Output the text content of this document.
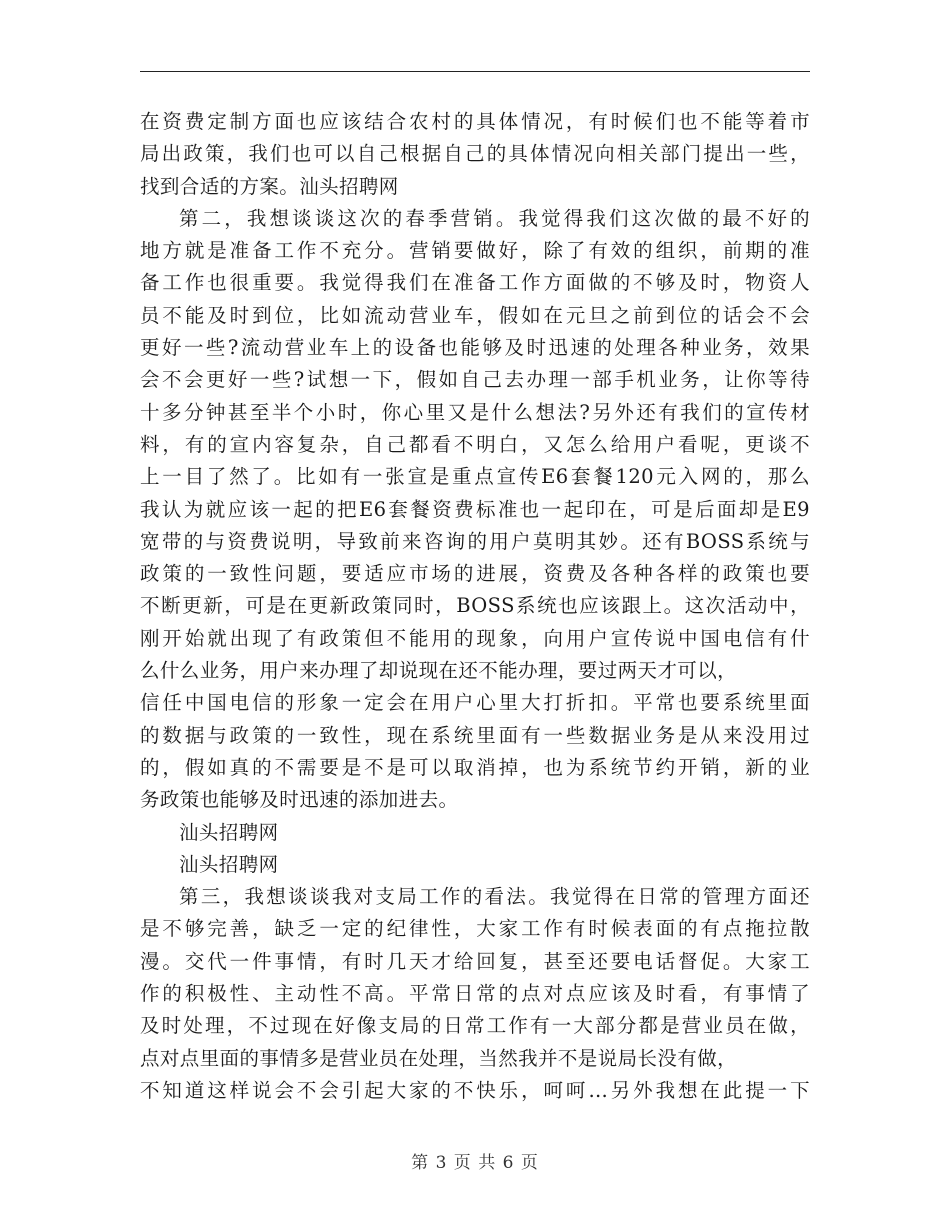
在资费定制方面也应该结合农村的具体情况，有时候们也不能等着市
局出政策，我们也可以自己根据自己的具体情况向相关部门提出一些，
找到合适的方案。汕头招聘网
第二，我想谈谈这次的春季营销。我觉得我们这次做的最不好的
地方就是准备工作不充分。营销要做好，除了有效的组织，前期的准
备工作也很重要。我觉得我们在准备工作方面做的不够及时，物资人
员不能及时到位，比如流动营业车，假如在元旦之前到位的话会不会
更好一些?流动营业车上的设备也能够及时迅速的处理各种业务，效果
会不会更好一些?试想一下，假如自己去办理一部手机业务，让你等待
十多分钟甚至半个小时，你心里又是什么想法?另外还有我们的宣传材
料，有的宣内容复杂，自己都看不明白，又怎么给用户看呢，更谈不
上一目了然了。比如有一张宣是重点宣传E6套餐120元入网的，那么
我认为就应该一起的把E6套餐资费标准也一起印在，可是后面却是E9
宽带的与资费说明，导致前来咨询的用户莫明其妙。还有BOSS系统与
政策的一致性问题，要适应市场的进展，资费及各种各样的政策也要
不断更新，可是在更新政策同时，BOSS系统也应该跟上。这次活动中，
刚开始就出现了有政策但不能用的现象，向用户宣传说中国电信有什
么什么业务，用户来办理了却说现在还不能办理，要过两天才可以，
信任中国电信的形象一定会在用户心里大打折扣。平常也要系统里面
的数据与政策的一致性，现在系统里面有一些数据业务是从来没用过
的，假如真的不需要是不是可以取消掉，也为系统节约开销，新的业
务政策也能够及时迅速的添加进去。
汕头招聘网
汕头招聘网
第三，我想谈谈我对支局工作的看法。我觉得在日常的管理方面还
是不够完善，缺乏一定的纪律性，大家工作有时候表面的有点拖拉散
漫。交代一件事情，有时几天才给回复，甚至还要电话督促。大家工
作的积极性、主动性不高。平常日常的点对点应该及时看，有事情了
及时处理，不过现在好像支局的日常工作有一大部分都是营业员在做，
点对点里面的事情多是营业员在处理，当然我并不是说局长没有做，
不知道这样说会不会引起大家的不快乐，呵呵…另外我想在此提一下
第 3 页 共 6 页
